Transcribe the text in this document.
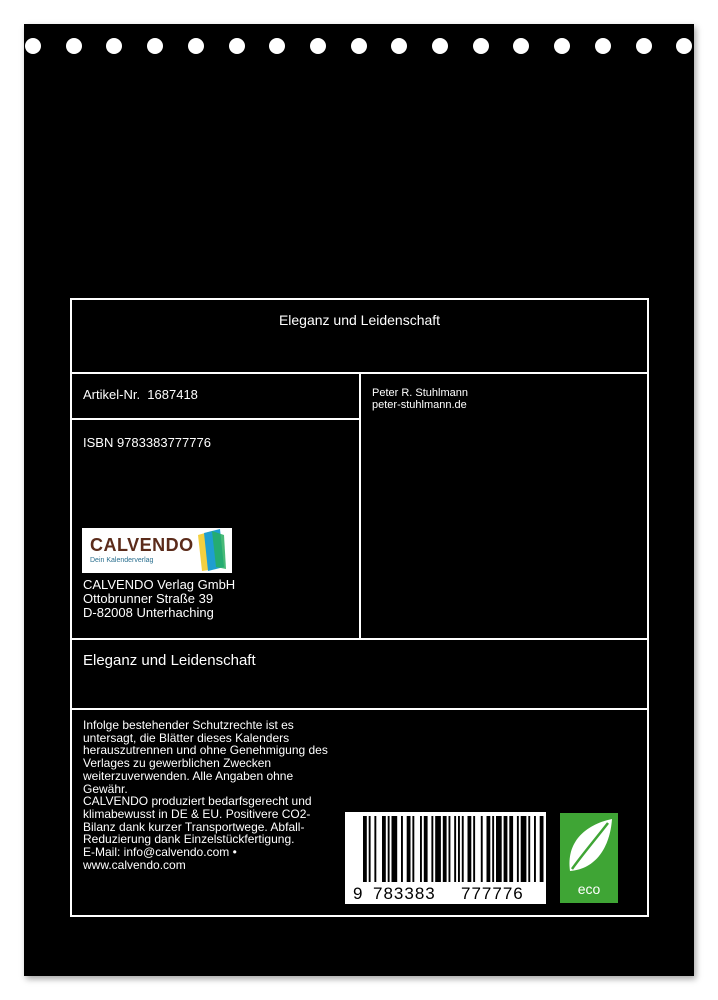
Eleganz und Leidenschaft
Artikel-Nr. 1687418	Peter R. Stuhlmann
peter-stuhlmann.de
ISBN 9783383777776
CALVENDO
Dein Kalenderverlag
CALVENDO Verlag GmbH
Ottobrunner Straße 39
D-82008 Unterhaching
Eleganz und Leidenschaft
Infolge bestehender Schutzrechte ist es
untersagt, die Blätter dieses Kalenders
herauszutrennen und ohne Genehmigung des
Verlages zu gewerblichen Zwecken
weiterzuverwenden. Alle Angaben ohne
Gewähr.
CALVENDO produziert bedarfsgerecht und
klimabewusst in DE & EU. Positivere CO2-
Bilanz dank kurzer Transportwege. Abfall-
Reduzierung dank Einzelstückfertigung.
E-Mail: info@calvendo.com •
www.calvendo.com
9 783383 777776	eco
